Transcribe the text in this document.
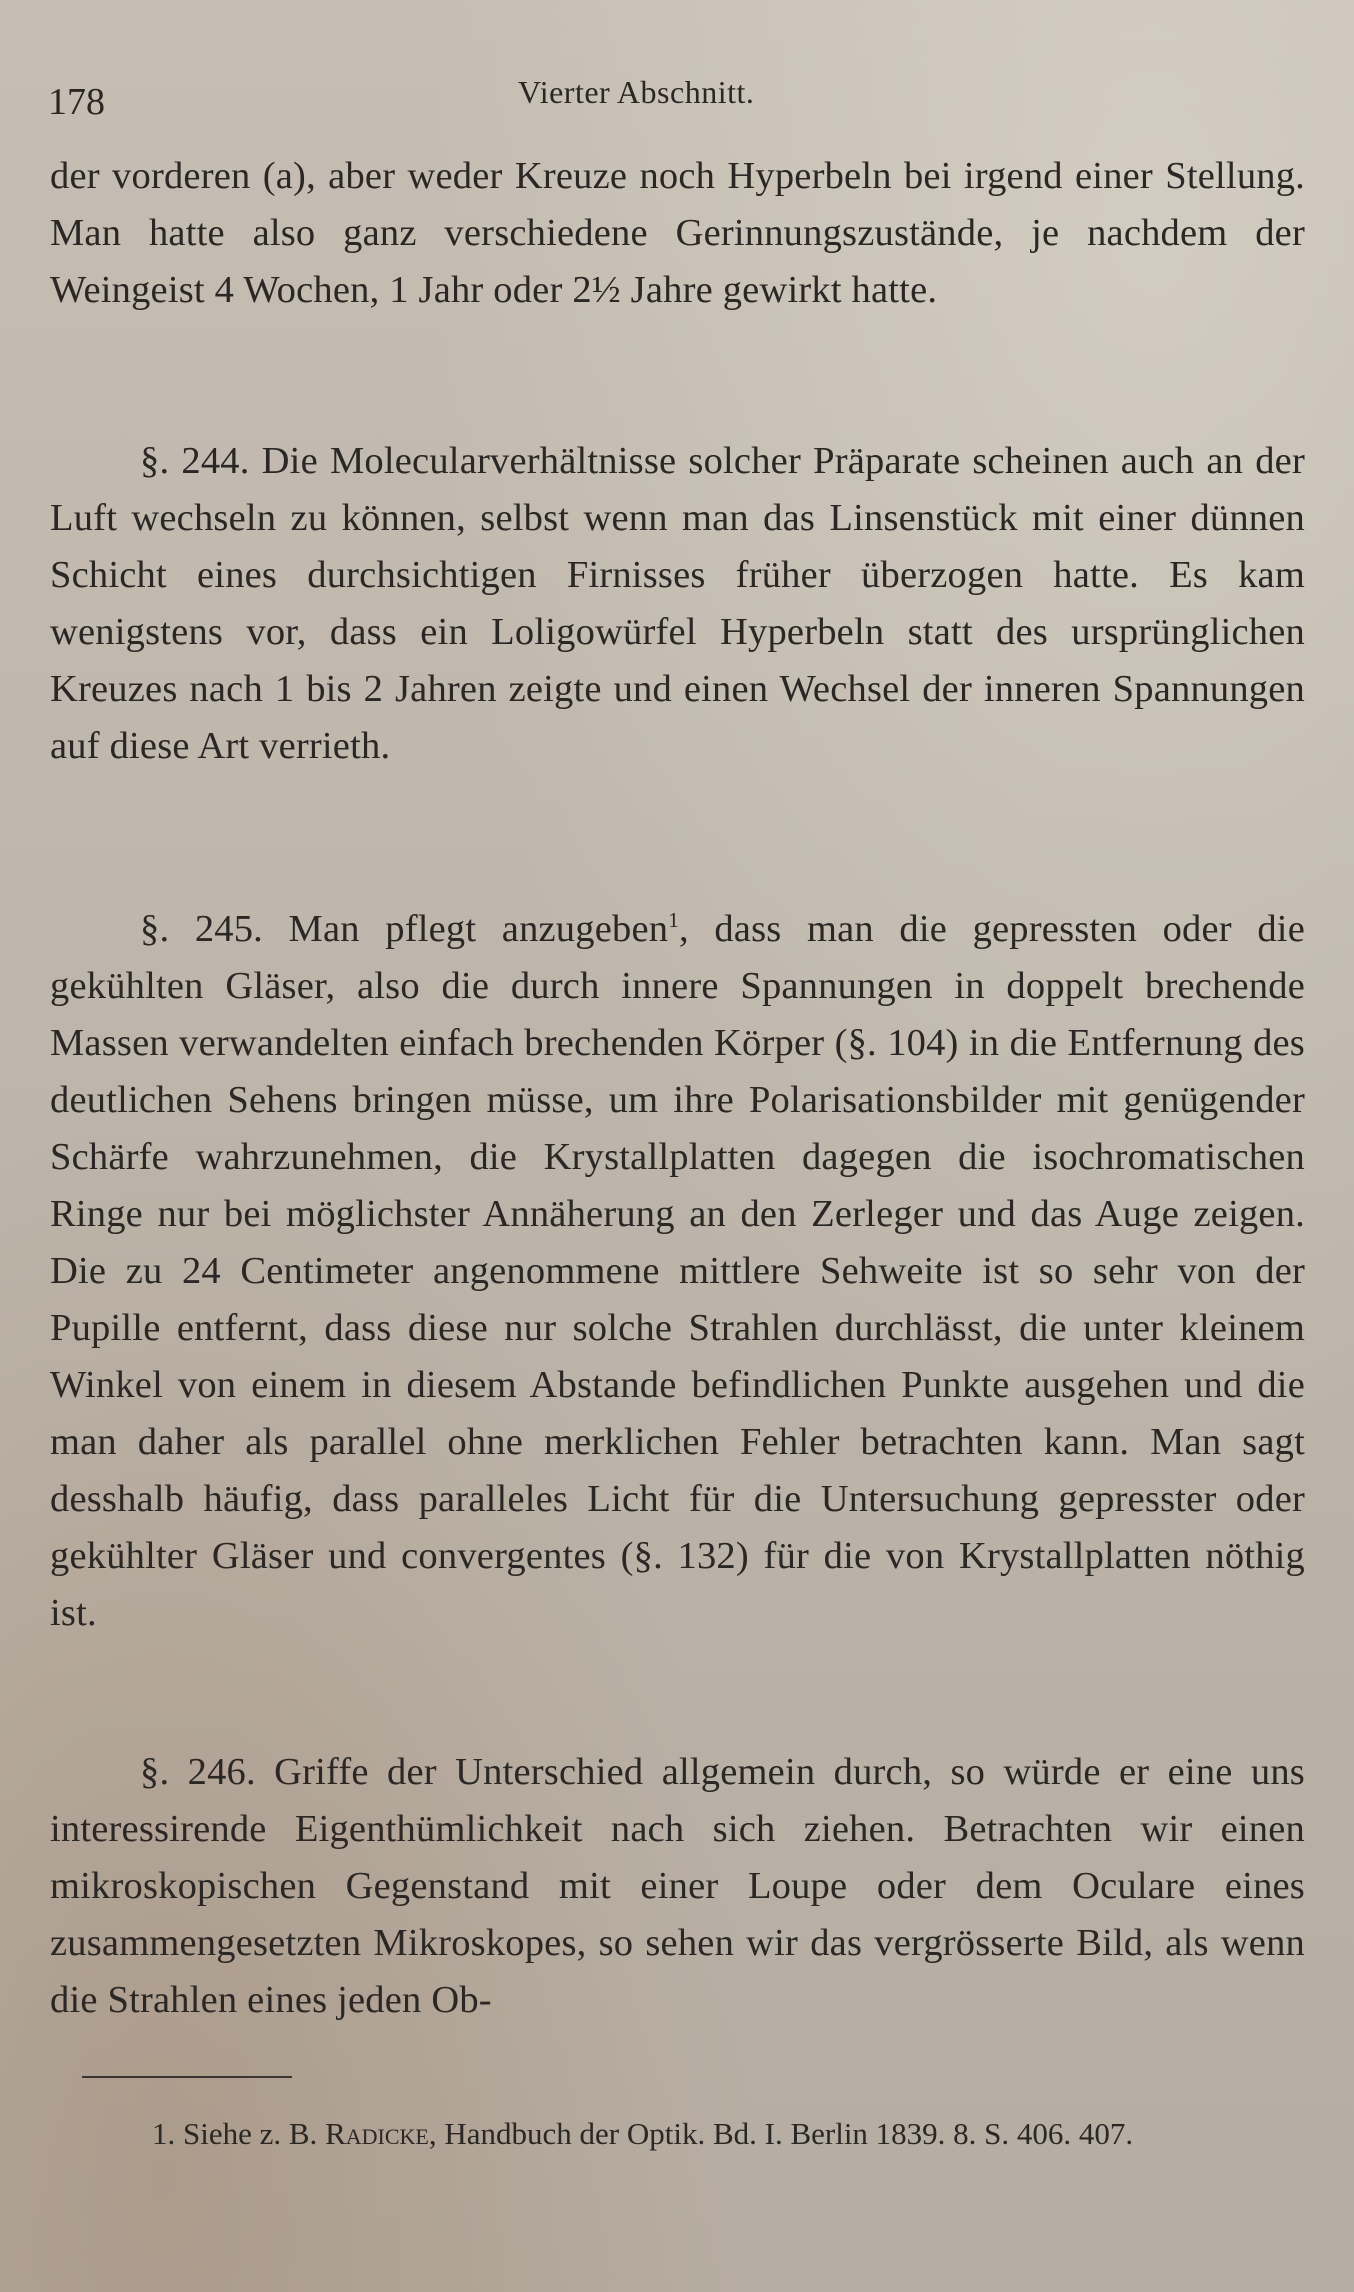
178	Vierter Abschnitt.

der vorderen (a), aber weder Kreuze noch Hyperbeln bei irgend einer Stellung. Man hatte also ganz verschiedene Gerinnungszustände, je nachdem der Weingeist 4 Wochen, 1 Jahr oder 2½ Jahre gewirkt hatte.

§. 244. Die Molecularverhältnisse solcher Präparate scheinen auch an der Luft wechseln zu können, selbst wenn man das Linsenstück mit einer dünnen Schicht eines durchsichtigen Firnisses früher überzogen hatte. Es kam wenigstens vor, dass ein Loligowürfel Hyperbeln statt des ursprünglichen Kreuzes nach 1 bis 2 Jahren zeigte und einen Wechsel der inneren Spannungen auf diese Art verrieth.

§. 245. Man pflegt anzugeben$^1$, dass man die gepressten oder die gekühlten Gläser, also die durch innere Spannungen in doppelt brechende Massen verwandelten einfach brechenden Körper (§. 104) in die Entfernung des deutlichen Sehens bringen müsse, um ihre Polarisationsbilder mit genügender Schärfe wahrzunehmen, die Krystallplatten dagegen die isochromatischen Ringe nur bei möglichster Annäherung an den Zerleger und das Auge zeigen. Die zu 24 Centimeter angenommene mittlere Sehweite ist so sehr von der Pupille entfernt, dass diese nur solche Strahlen durchlässt, die unter kleinem Winkel von einem in diesem Abstande befindlichen Punkte ausgehen und die man daher als parallel ohne merklichen Fehler betrachten kann. Man sagt desshalb häufig, dass paralleles Licht für die Untersuchung gepresster oder gekühlter Gläser und convergentes (§. 132) für die von Krystallplatten nöthig ist.

§. 246. Griffe der Unterschied allgemein durch, so würde er eine uns interessirende Eigenthümlichkeit nach sich ziehen. Betrachten wir einen mikroskopischen Gegenstand mit einer Loupe oder dem Oculare eines zusammengesetzten Mikroskopes, so sehen wir das vergrösserte Bild, als wenn die Strahlen eines jeden Ob-

1. Siehe z. B. Radicke, Handbuch der Optik. Bd. I. Berlin 1839. 8. S. 406. 407.
